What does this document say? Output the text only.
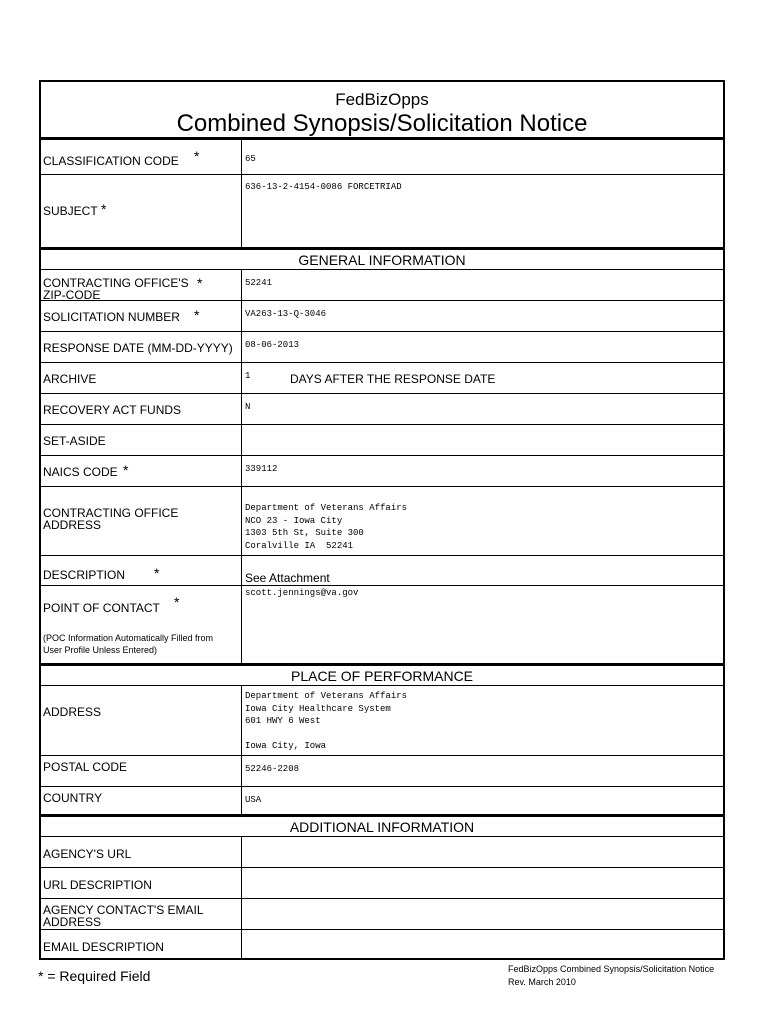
FedBizOpps
Combined Synopsis/Solicitation Notice
CLASSIFICATION CODE *	65
SUBJECT *
636-13-2-4154-0086 FORCETRIAD
GENERAL INFORMATION
CONTRACTING OFFICE'S
ZIP-CODE
*	52241
SOLICITATION NUMBER *	VA263-13-Q-3046
RESPONSE DATE (MM-DD-YYYY) 08-06-2013
ARCHIVE	1	DAYS AFTER THE RESPONSE DATE
RECOVERY ACT FUNDS	N
SET-ASIDE
NAICS CODE *	339112
CONTRACTING OFFICE
ADDRESS
Department of Veterans Affairs
NCO 23 - Iowa City
1303 5th St, Suite 300
Coralville IA  52241
DESCRIPTION *	See Attachment
POINT OF CONTACT *
(POC Information Automatically Filled from
User Profile Unless Entered)
scott.jennings@va.gov
PLACE OF PERFORMANCE
ADDRESS
Department of Veterans Affairs
Iowa City Healthcare System
601 HWY 6 West

Iowa City, Iowa
POSTAL CODE	52246-2208
COUNTRY	USA
ADDITIONAL INFORMATION
AGENCY'S URL
URL DESCRIPTION
AGENCY CONTACT'S EMAIL
ADDRESS
EMAIL DESCRIPTION
* = Required Field	FedBizOpps Combined Synopsis/Solicitation Notice
Rev. March 2010
